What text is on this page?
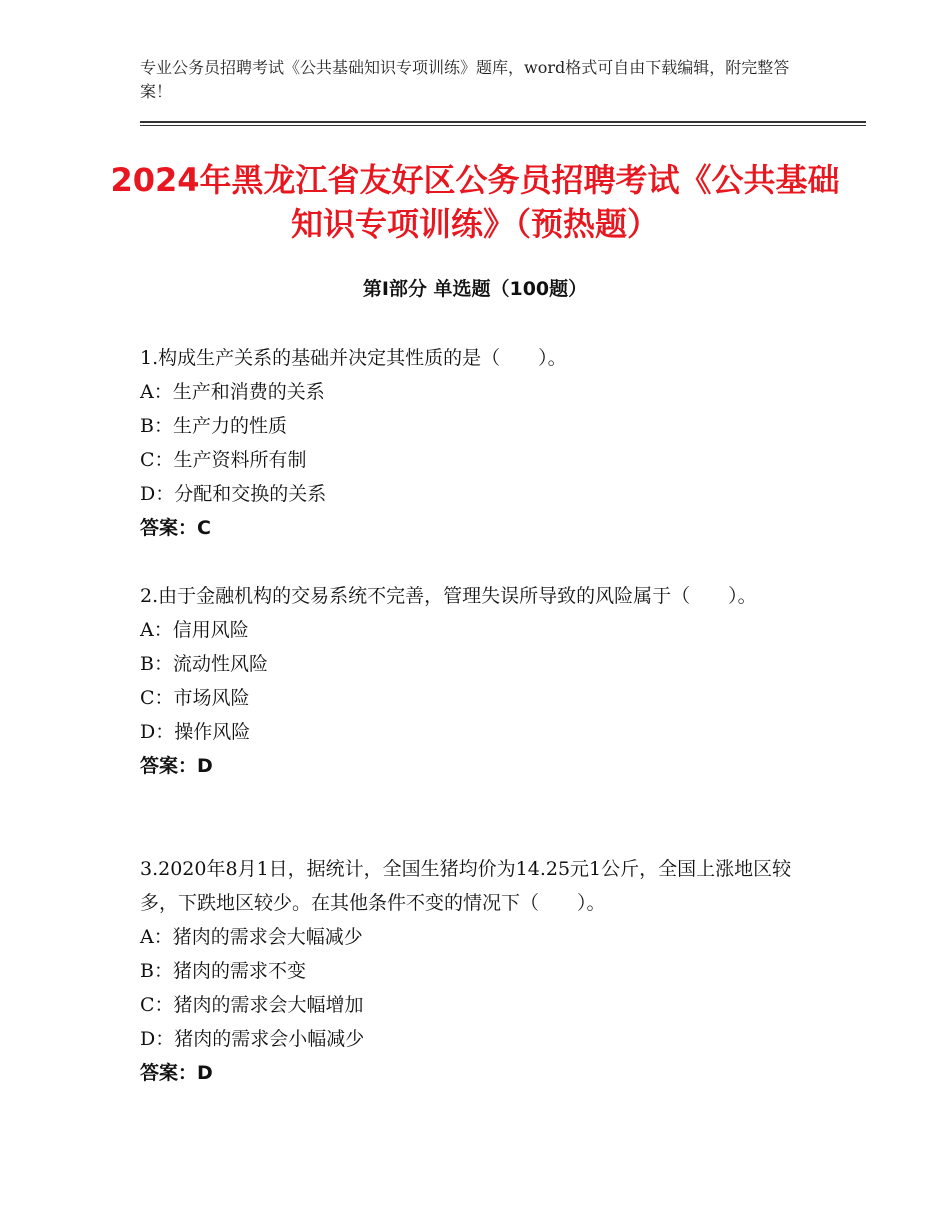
专业公务员招聘考试《公共基础知识专项训练》题库，word格式可自由下载编辑，附完整答案！
2024年黑龙江省友好区公务员招聘考试《公共基础知识专项训练》（预热题）
第Ⅰ部分 单选题（100题）

1.构成生产关系的基础并决定其性质的是（　　）。

A：生产和消费的关系

B：生产力的性质

C：生产资料所有制

D：分配和交换的关系

答案：C

2.由于金融机构的交易系统不完善，管理失误所导致的风险属于（　　）。

A：信用风险

B：流动性风险

C：市场风险

D：操作风险

答案：D

3.2020年8月1日，据统计，全国生猪均价为14.25元1公斤，全国上涨地区较多，下跌地区较少。在其他条件不变的情况下（　　）。

A：猪肉的需求会大幅减少

B：猪肉的需求不变

C：猪肉的需求会大幅增加

D：猪肉的需求会小幅减少

答案：D
